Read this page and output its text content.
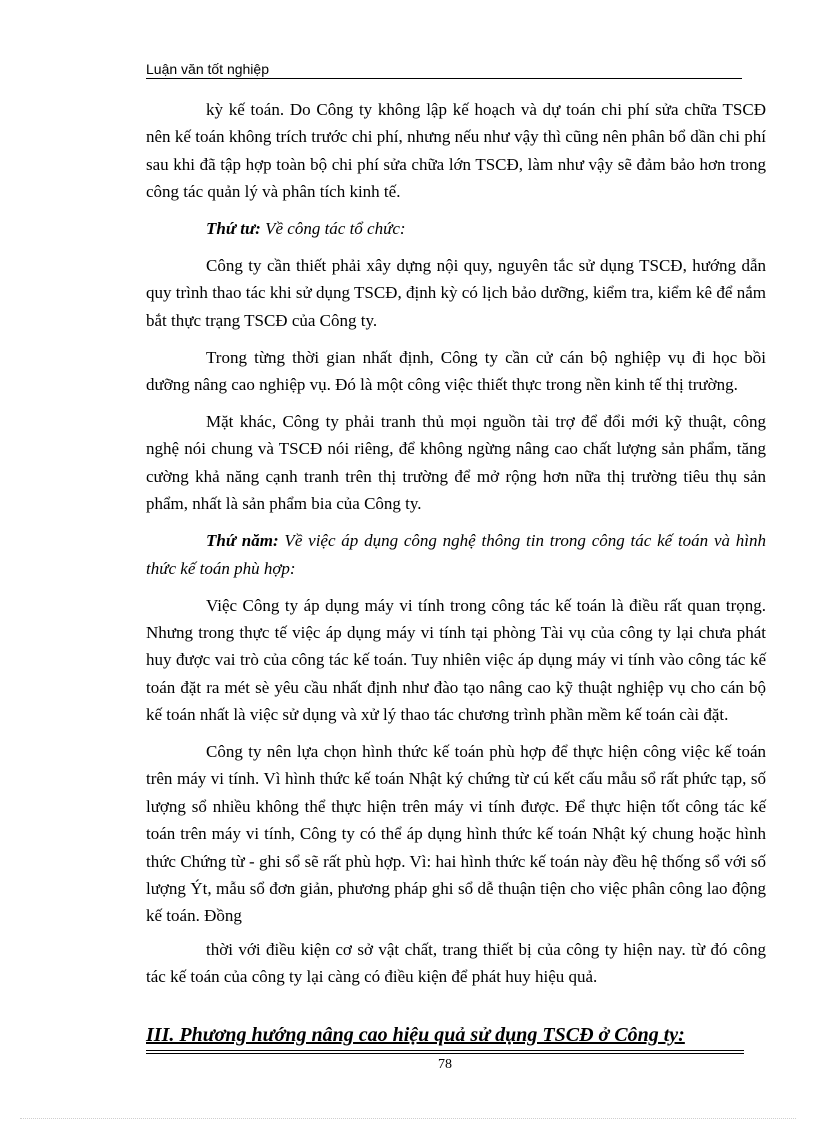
Luận văn tốt nghiệp

kỳ kế toán. Do Công ty không lập kế hoạch và dự toán chi phí sửa chữa TSCĐ nên kế toán không trích trước chi phí, nhưng nếu như vậy thì cũng nên phân bổ dần chi phí sau khi đã tập hợp toàn bộ chi phí sửa chữa lớn TSCĐ, làm như vậy sẽ đảm bảo hơn trong công tác quản lý và phân tích kinh tế.

Thứ tư: Về công tác tổ chức:

Công ty cần thiết phải xây dựng nội quy, nguyên tắc sử dụng TSCĐ, hướng dẫn quy trình thao tác khi sử dụng TSCĐ, định kỳ có lịch bảo dưỡng, kiểm tra, kiểm kê để nắm bắt thực trạng TSCĐ của Công ty.

Trong từng thời gian nhất định, Công ty cần cử cán bộ nghiệp vụ đi học bồi dưỡng nâng cao nghiệp vụ. Đó là một công việc thiết thực trong nền kinh tế thị trường.

Mặt khác, Công ty phải tranh thủ mọi nguồn tài trợ để đổi mới kỹ thuật, công nghệ nói chung và TSCĐ nói riêng, để không ngừng nâng cao chất lượng sản phẩm, tăng cường khả năng cạnh tranh trên thị trường để mở rộng hơn nữa thị trường tiêu thụ sản phẩm, nhất là sản phẩm bia của Công ty.

Thứ năm: Về việc áp dụng công nghệ thông tin trong công tác kế toán và hình thức kế toán phù hợp:

Việc Công ty áp dụng máy vi tính trong công tác kế toán là điều rất quan trọng. Nhưng trong thực tế việc áp dụng máy vi tính tại phòng Tài vụ của công ty lại chưa phát huy được vai trò của công tác kế toán. Tuy nhiên việc áp dụng máy vi tính vào công tác kế toán đặt ra mét sè yêu cầu nhất định như đào tạo nâng cao kỹ thuật nghiệp vụ cho cán bộ kế toán nhất là việc sử dụng và xử lý thao tác chương trình phần mềm kế toán cài đặt.

Công ty nên lựa chọn hình thức kế toán phù hợp để thực hiện công việc kế toán trên máy vi tính. Vì hình thức kế toán Nhật ký chứng từ cú kết cấu mẫu sổ rất phức tạp, số lượng sổ nhiều không thể thực hiện trên máy vi tính được. Để thực hiện tốt công tác kế toán trên máy vi tính, Công ty có thể áp dụng hình thức kế toán Nhật ký chung hoặc hình thức Chứng từ - ghi sổ sẽ rất phù hợp. Vì: hai hình thức kế toán này đều hệ thống sổ với số lượng Ýt, mẫu sổ đơn giản, phương pháp ghi sổ dễ thuận tiện cho việc phân công lao động kế toán. Đồng

thời với điều kiện cơ sở vật chất, trang thiết bị của công ty hiện nay. từ đó công tác kế toán của công ty lại càng có điều kiện để phát huy hiệu quả.

III. Phương hướng nâng cao hiệu quả sử dụng TSCĐ ở Công ty:
78
